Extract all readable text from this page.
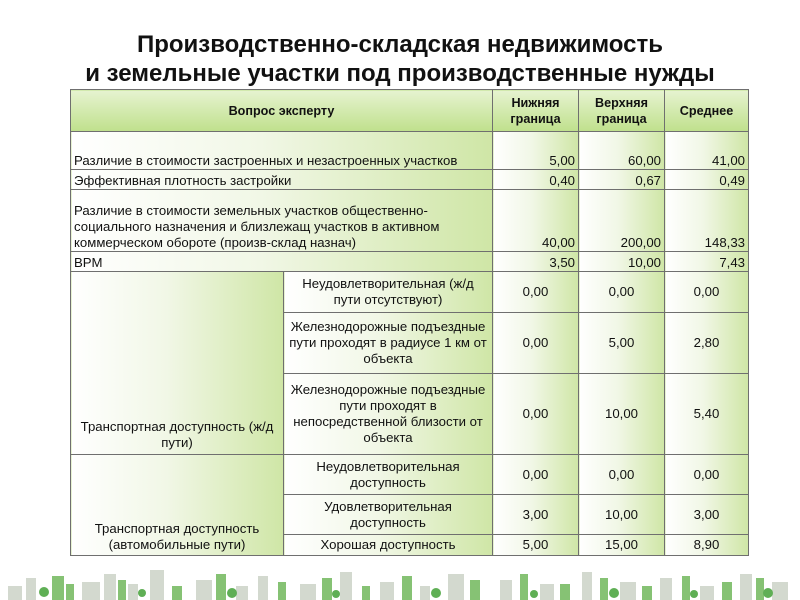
Производственно-складская недвижимость
и земельные участки под производственные нужды
Вопрос эксперту		Нижняя граница	Верхняя граница	Среднее
Различие в стоимости застроенных и незастроенных участков		5,00	60,00	41,00
Эффективная плотность застройки		0,40	0,67	0,49
Различие в стоимости земельных участков общественно-социального назначения и близлежащ участков в активном коммерческом обороте (произв-склад назнач)		40,00	200,00	148,33
ВРМ		3,50	10,00	7,43
Транспортная доступность (ж/д пути)	Неудовлетворительная (ж/д пути отсутствуют)	0,00	0,00	0,00
	Железнодорожные подъездные пути проходят в радиусе 1 км от объекта	0,00	5,00	2,80
	Железнодорожные подъездные пути проходят в непосредственной близости от объекта	0,00	10,00	5,40
Транспортная доступность (автомобильные пути)	Неудовлетворительная доступность	0,00	0,00	0,00
	Удовлетворительная доступность	3,00	10,00	3,00
	Хорошая доступность	5,00	15,00	8,90
